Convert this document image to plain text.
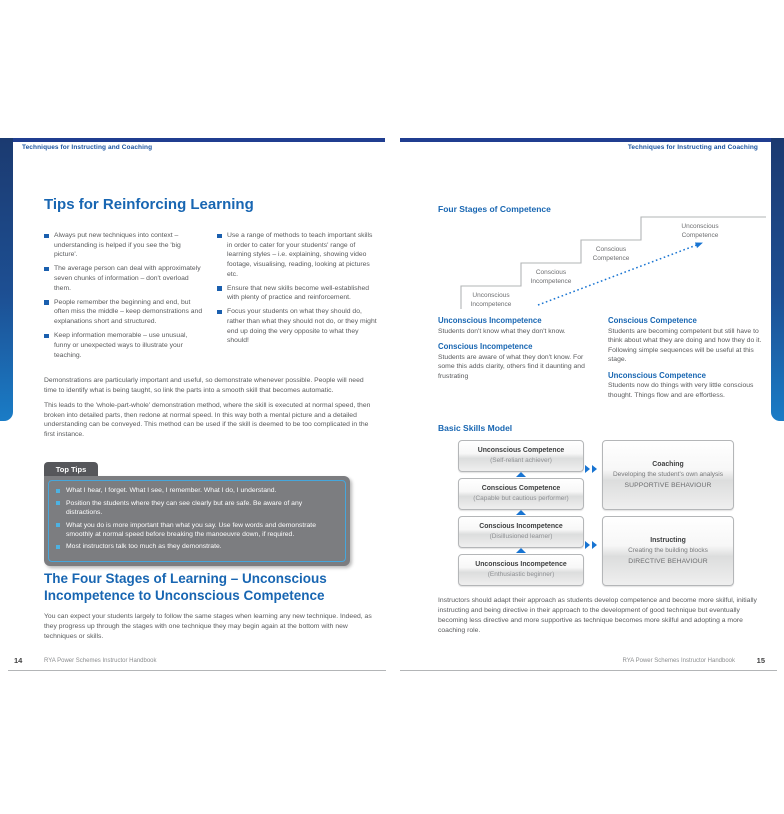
Techniques for Instructing and Coaching
Tips for Reinforcing Learning
Always put new techniques into context – understanding is helped if you see the 'big picture'.
The average person can deal with approximately seven chunks of information – don't overload them.
People remember the beginning and end, but often miss the middle – keep demonstrations and explanations short and structured.
Keep information memorable – use unusual, funny or unexpected ways to illustrate your teaching.
Use a range of methods to teach important skills in order to cater for your students' range of learning styles – i.e. explaining, showing video footage, visualising, reading, looking at pictures etc.
Ensure that new skills become well-established with plenty of practice and reinforcement.
Focus your students on what they should do, rather than what they should not do, or they might end up doing the very opposite to what they should!

Demonstrations are particularly important and useful, so demonstrate whenever possible. People will need time to identify what is being taught, so link the parts into a smooth skill that becomes automatic.

This leads to the 'whole-part-whole' demonstration method, where the skill is executed at normal speed, then broken into detailed parts, then redone at normal speed. In this way both a mental picture and a detailed understanding can be conveyed. This method can be used if the skill is deemed to be too complicated in the first instance.

Top Tips
What I hear, I forget. What I see, I remember. What I do, I understand.
Position the students where they can see clearly but are safe. Be aware of any distractions.
What you do is more important than what you say. Use few words and demonstrate smoothly at normal speed before breaking the manoeuvre down, if required.
Most instructors talk too much as they demonstrate.
The Four Stages of Learning – Unconscious Incompetence to Unconscious Competence

You can expect your students largely to follow the same stages when learning any new technique. Indeed, as they progress up through the stages with one technique they may begin again at the bottom with new techniques or skills.

14	RYA Power Schemes Instructor Handbook
Techniques for Instructing and Coaching
Four Stages of Competence
Unconscious
Incompetence
Conscious
Incompetence
Conscious
Competence
Unconscious
Competence
Unconscious Incompetence

Students don't know what they don't know.

Conscious Incompetence

Students are aware of what they don't know. For some this adds clarity, others find it daunting and frustrating

Conscious Competence

Students are becoming competent but still have to think about what they are doing and how they do it. Following simple sequences will be useful at this stage.

Unconscious Competence

Students now do things with very little conscious thought. Things flow and are effortless.

Basic Skills Model
Unconscious Competence
(Self-reliant achiever)
Conscious Competence
(Capable but cautious performer)
Conscious Incompetence
(Disillusioned learner)
Unconscious Incompetence
(Enthusiastic beginner)
Coaching
Developing the student's own analysis
SUPPORTIVE BEHAVIOUR
Instructing
Creating the building blocks
DIRECTIVE BEHAVIOUR

Instructors should adapt their approach as students develop competence and become more skilful, initially instructing and being directive in their approach to the development of good technique but eventually becoming less directive and more supportive as technique becomes more skilful and adopting a more coaching role.

RYA Power Schemes Instructor Handbook	15
